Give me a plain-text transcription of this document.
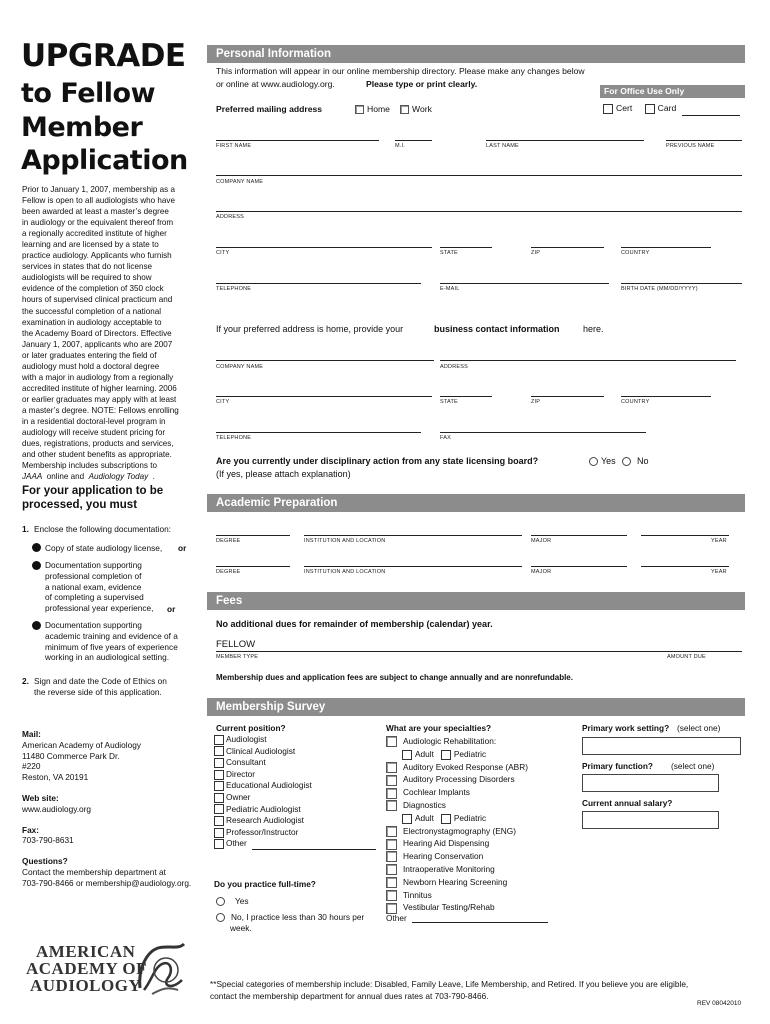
UPGRADE
to Fellow
Member
Application
Prior to January 1, 2007, membership as a
Fellow is open to all audiologists who have
been awarded at least a master’s degree
in audiology or the equivalent thereof from
a regionally accredited institute of higher
learning and are licensed by a state to
practice audiology. Applicants who furnish
services in states that do not license
audiologists will be required to show
evidence of the completion of 350 clock
hours of supervised clinical practicum and
the successful completion of a national
examination in audiology acceptable to
the Academy Board of Directors. Effective
January 1, 2007, applicants who are 2007
or later graduates entering the field of
audiology must hold a doctoral degree
with a major in audiology from a regionally
accredited institute of higher learning. 2006
or earlier graduates may apply with at least
a master’s degree. NOTE: Fellows enrolling
in a residential doctoral-level program in
audiology will receive student pricing for
dues, registrations, products and services,
and other student benefits as appropriate.
Membership includes subscriptions to
JAAA online and Audiology Today .
For your application to be
processed, you must
1. Enclose the following documentation:
Copy of state audiology license, or
Documentation supporting
professional completion of
a national exam, evidence
of completing a supervised
professional year experience, or
Documentation supporting
academic training and evidence of a
minimum of five years of experience
working in an audiological setting.
2. Sign and date the Code of Ethics on
the reverse side of this application.
Mail:
American Academy of Audiology
11480 Commerce Park Dr.
#220
Reston, VA 20191
Web site:
www.audiology.org
Fax:
703-790-8631
Questions?
Contact the membership department at
703-790-8466 or membership@audiology.org.
AMERICAN
ACADEMY OF
AUDIOLOGY
Personal Information
This information will appear in our online membership directory. Please make any changes below
or online at www.audiology.org.	Please type or print clearly.
For Office Use Only
Cert	Card
Preferred mailing address	Home	Work
FIRST NAME	M.I.	LAST NAME	PREVIOUS NAME
COMPANY NAME
ADDRESS
CITY	STATE	ZIP	COUNTRY
TELEPHONE	E-MAIL	BIRTH DATE (MM/DD/YYYY)
If your preferred address is home, provide your	business contact information	here.
COMPANY NAME	ADDRESS
CITY	STATE	ZIP	COUNTRY
TELEPHONE	FAX
Are you currently under disciplinary action from any state licensing board?
(If yes, please attach explanation)
Yes	No
Academic Preparation
DEGREE	INSTITUTION AND LOCATION	MAJOR	YEAR
DEGREE	INSTITUTION AND LOCATION	MAJOR	YEAR
Fees
No additional dues for remainder of membership (calendar) year.
FELLOW
MEMBER TYPE	AMOUNT DUE
Membership dues and application fees are subject to change annually and are nonrefundable.
Membership Survey
Current position?
Audiologist
Clinical Audiologist
Consultant
Director
Educational Audiologist
Owner
Pediatric Audiologist
Research Audiologist
Professor/Instructor
Other
Do you practice full-time?
Yes
No, I practice less than 30 hours per
week.
What are your specialties?
Audiologic Rehabilitation:
Adult Pediatric
Auditory Evoked Response (ABR)
Auditory Processing Disorders
Cochlear Implants
Diagnostics
Adult Pediatric
Electronystagmography (ENG)
Hearing Aid Dispensing
Hearing Conservation
Intraoperative Monitoring
Newborn Hearing Screening
Tinnitus
Vestibular Testing/Rehab
Other
Primary work setting? (select one)
Primary function? (select one)
Current annual salary?
**Special categories of membership include: Disabled, Family Leave, Life Membership, and Retired. If you believe you are eligible,
contact the membership department for annual dues rates at 703-790-8466.
REV 08042010
